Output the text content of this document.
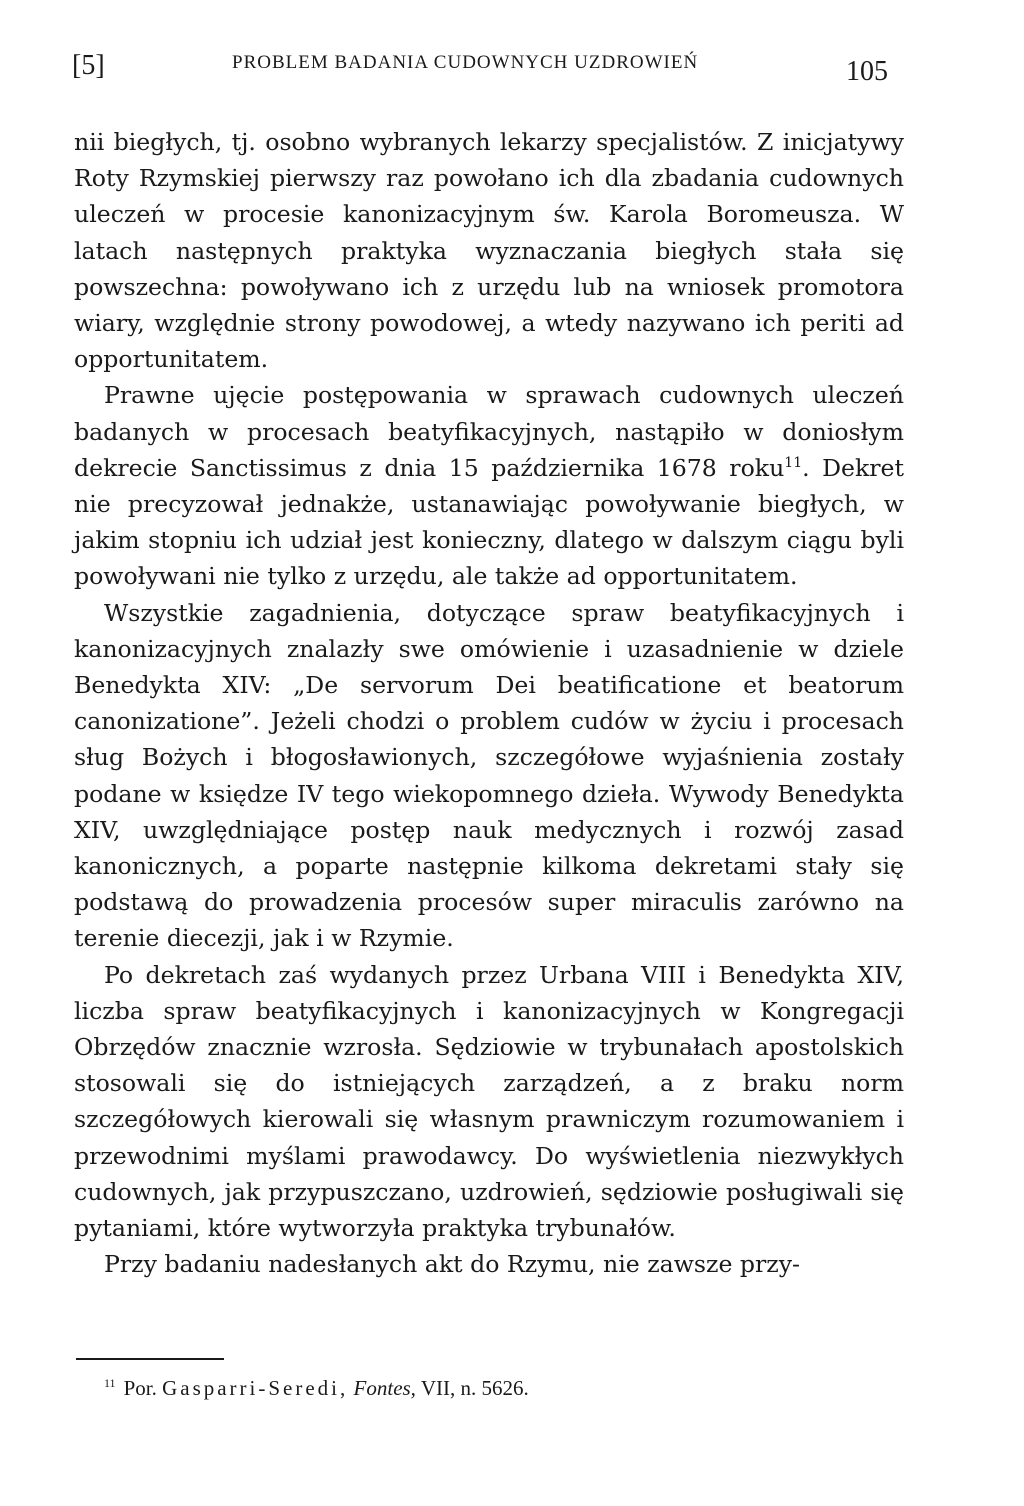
[5]	PROBLEM BADANIA CUDOWNYCH UZDROWIEŃ	105

nii biegłych, tj. osobno wybranych lekarzy specjalistów. Z inicjatywy Roty Rzymskiej pierwszy raz powołano ich dla zbadania cudownych uleczeń w procesie kanonizacyjnym św. Karola Boromeusza. W latach następnych praktyka wyznaczania biegłych stała się powszechna: powoływano ich z urzędu lub na wniosek promotora wiary, względnie strony powodowej, a wtedy nazywano ich periti ad opportunitatem.

Prawne ujęcie postępowania w sprawach cudownych uleczeń badanych w procesach beatyfikacyjnych, nastąpiło w doniosłym dekrecie Sanctissimus z dnia 15 października 1678 roku$^{11}$. Dekret nie precyzował jednakże, ustanawiając powoływanie biegłych, w jakim stopniu ich udział jest konieczny, dlatego w dalszym ciągu byli powoływani nie tylko z urzędu, ale także ad opportunitatem.

Wszystkie zagadnienia, dotyczące spraw beatyfikacyjnych i kanonizacyjnych znalazły swe omówienie i uzasadnienie w dziele Benedykta XIV: „De servorum Dei beatificatione et beatorum canonizatione”. Jeżeli chodzi o problem cudów w życiu i procesach sług Bożych i błogosławionych, szczegółowe wyjaśnienia zostały podane w księdze IV tego wiekopomnego dzieła. Wywody Benedykta XIV, uwzględniające postęp nauk medycznych i rozwój zasad kanonicznych, a poparte następnie kilkoma dekretami stały się podstawą do prowadzenia procesów super miraculis zarówno na terenie diecezji, jak i w Rzymie.

Po dekretach zaś wydanych przez Urbana VIII i Benedykta XIV, liczba spraw beatyfikacyjnych i kanonizacyjnych w Kongregacji Obrzędów znacznie wzrosła. Sędziowie w trybunałach apostolskich stosowali się do istniejących zarządzeń, a z braku norm szczegółowych kierowali się własnym prawniczym rozumowaniem i przewodnimi myślami prawodawcy. Do wyświetlenia niezwykłych cudownych, jak przypuszczano, uzdrowień, sędziowie posługiwali się pytaniami, które wytworzyła praktyka trybunałów.

Przy badaniu nadesłanych akt do Rzymu, nie zawsze przy-

$^{11}$ Por. Gasparri-Seredi, Fontes, VII, n. 5626.
